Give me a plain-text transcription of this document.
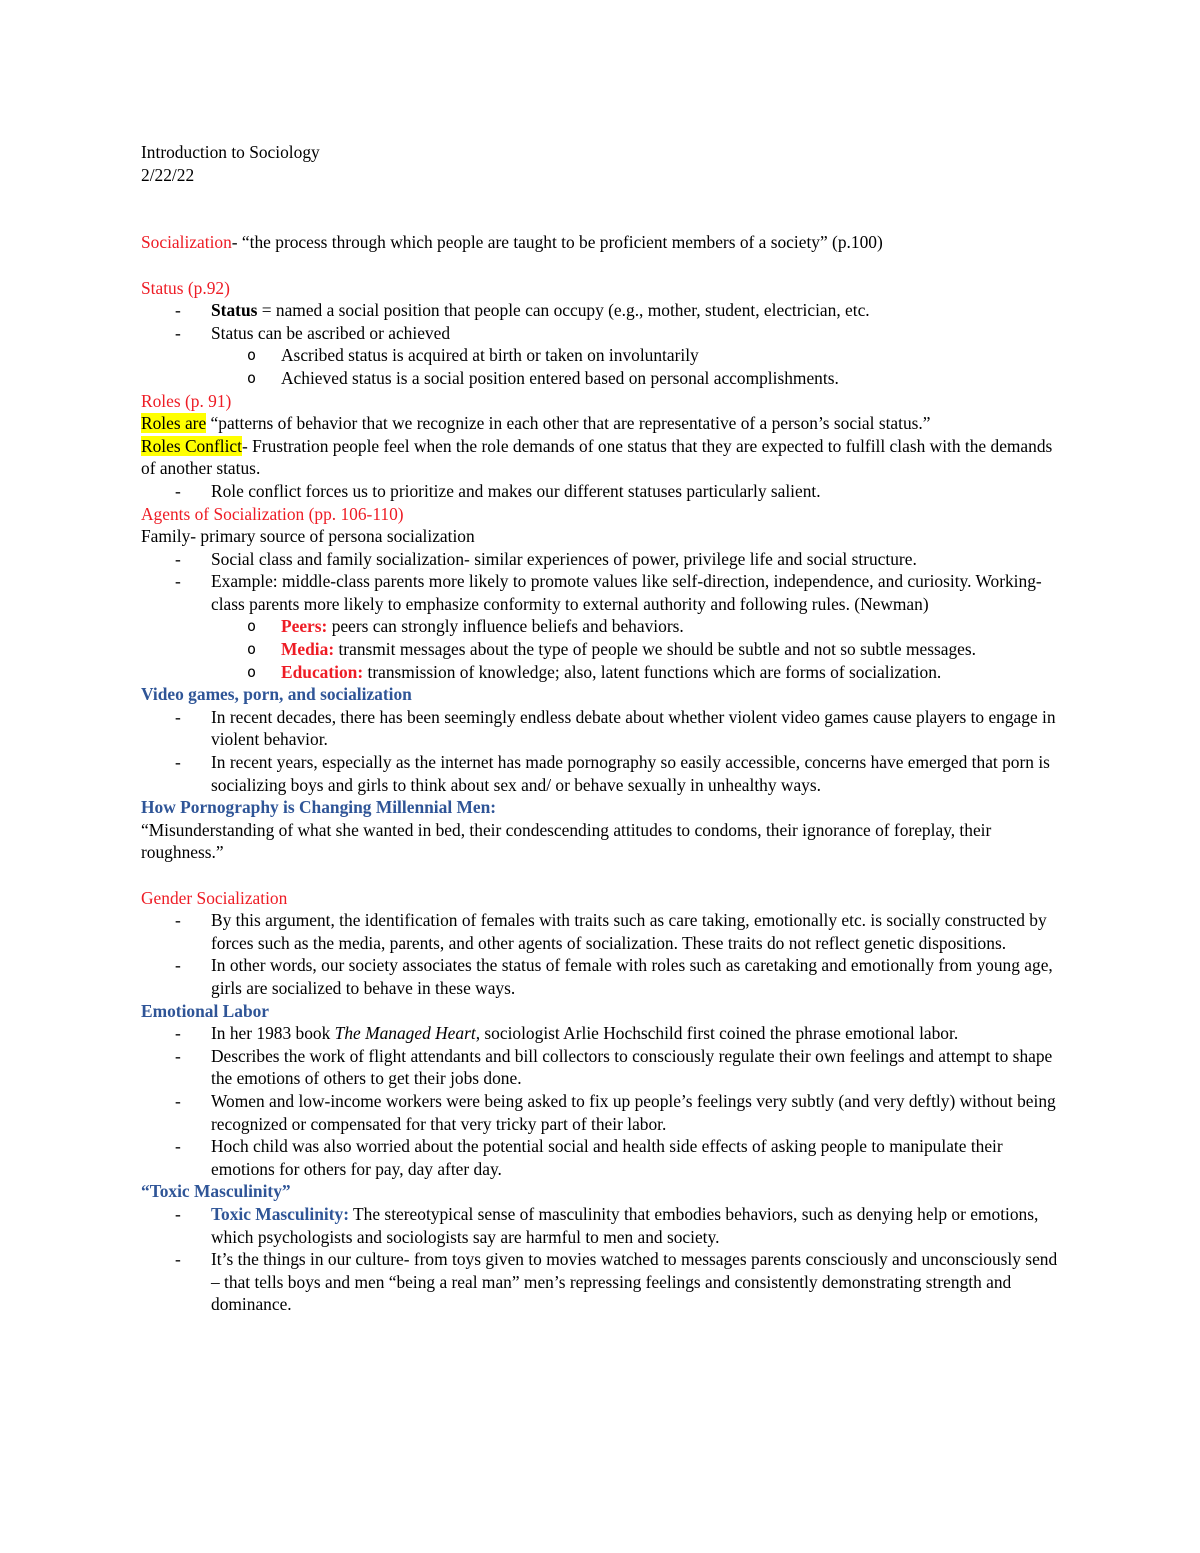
Introduction to Sociology

2/22/22

Socialization- “the process through which people are taught to be proficient members of a society” (p.100)

Status (p.92)

- Status = named a social position that people can occupy (e.g., mother, student, electrician, etc.
- Status can be ascribed or achieved
o Ascribed status is acquired at birth or taken on involuntarily
o Achieved status is a social position entered based on personal accomplishments.

Roles (p. 91)

Roles are “patterns of behavior that we recognize in each other that are representative of a person’s social status.”

Roles Conflict- Frustration people feel when the role demands of one status that they are expected to fulfill clash with the demands of another status.

- Role conflict forces us to prioritize and makes our different statuses particularly salient.

Agents of Socialization (pp. 106-110)

Family- primary source of persona socialization

- Social class and family socialization- similar experiences of power, privilege life and social structure.
- Example: middle-class parents more likely to promote values like self-direction, independence, and curiosity. Working-class parents more likely to emphasize conformity to external authority and following rules. (Newman)
o Peers: peers can strongly influence beliefs and behaviors.
o Media: transmit messages about the type of people we should be subtle and not so subtle messages.
o Education: transmission of knowledge; also, latent functions which are forms of socialization.

Video games, porn, and socialization

- In recent decades, there has been seemingly endless debate about whether violent video games cause players to engage in violent behavior.
- In recent years, especially as the internet has made pornography so easily accessible, concerns have emerged that porn is socializing boys and girls to think about sex and/ or behave sexually in unhealthy ways.

How Pornography is Changing Millennial Men:

“Misunderstanding of what she wanted in bed, their condescending attitudes to condoms, their ignorance of foreplay, their roughness.”

Gender Socialization

- By this argument, the identification of females with traits such as care taking, emotionally etc. is socially constructed by forces such as the media, parents, and other agents of socialization. These traits do not reflect genetic dispositions.
- In other words, our society associates the status of female with roles such as caretaking and emotionally from young age, girls are socialized to behave in these ways.

Emotional Labor

- In her 1983 book The Managed Heart, sociologist Arlie Hochschild first coined the phrase emotional labor.
- Describes the work of flight attendants and bill collectors to consciously regulate their own feelings and attempt to shape the emotions of others to get their jobs done.
- Women and low-income workers were being asked to fix up people’s feelings very subtly (and very deftly) without being recognized or compensated for that very tricky part of their labor.
- Hoch child was also worried about the potential social and health side effects of asking people to manipulate their emotions for others for pay, day after day.

“Toxic Masculinity”

- Toxic Masculinity: The stereotypical sense of masculinity that embodies behaviors, such as denying help or emotions, which psychologists and sociologists say are harmful to men and society.
- It’s the things in our culture- from toys given to movies watched to messages parents consciously and unconsciously send – that tells boys and men “being a real man” men’s repressing feelings and consistently demonstrating strength and dominance.
